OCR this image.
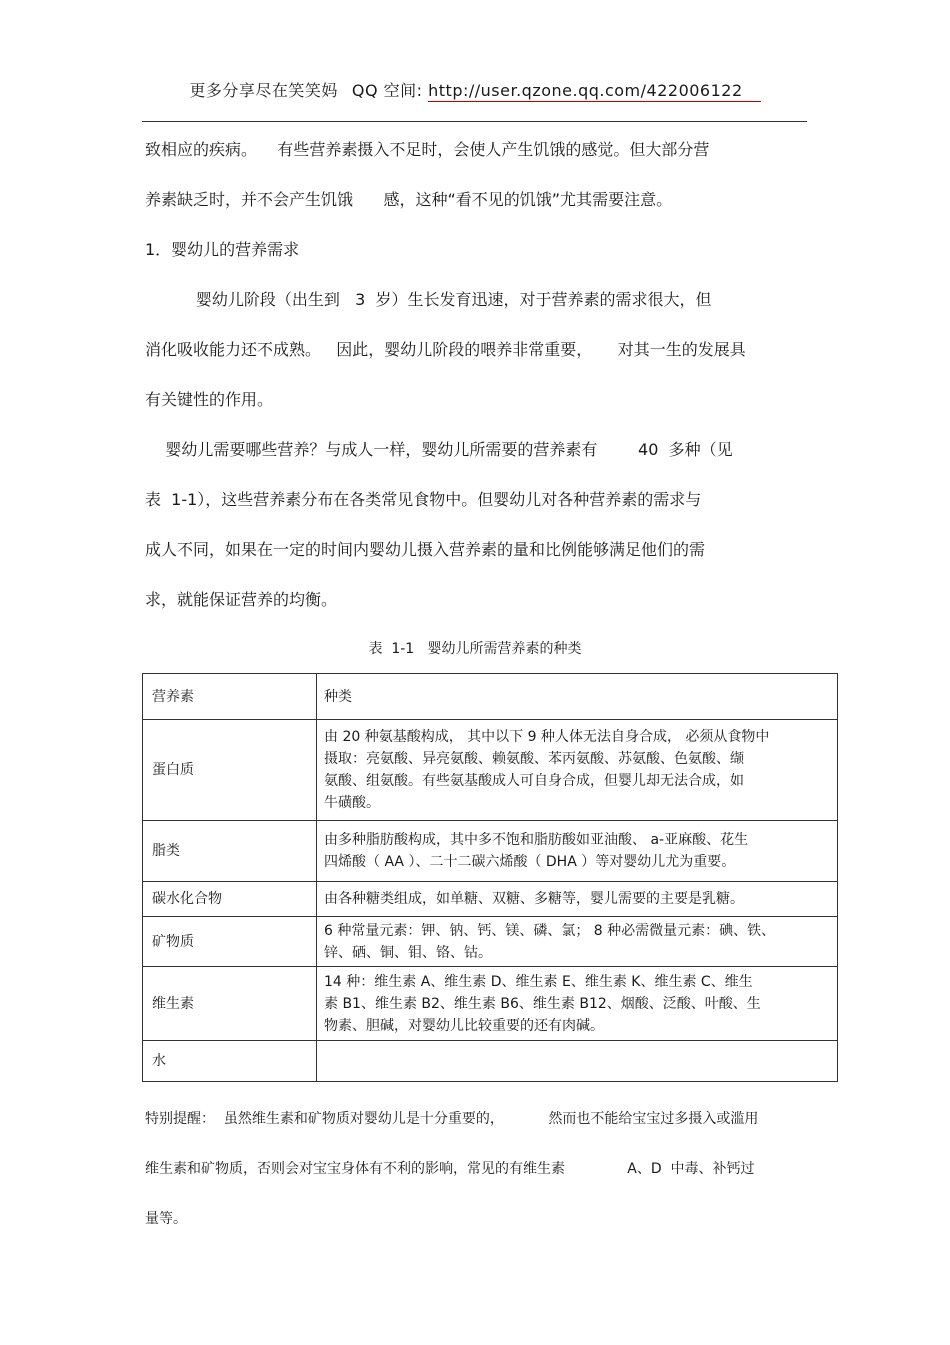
更多分享尽在笑笑妈 QQ 空间: http://user.qzone.qq.com/422006122
致相应的疾病。    有些营养素摄入不足时，会使人产生饥饿的感觉。但大部分营
养素缺乏时，并不会产生饥饿      感，这种“看不见的饥饿”尤其需要注意。
1．婴幼儿的营养需求
婴幼儿阶段（出生到   3  岁）生长发育迅速，对于营养素的需求很大，但
消化吸收能力还不成熟。   因此，婴幼儿阶段的喂养非常重要，     对其一生的发展具
有关键性的作用。
婴幼儿需要哪些营养？与成人一样，婴幼儿所需要的营养素有        40  多种（见
表  1-1），这些营养素分布在各类常见食物中。但婴幼儿对各种营养素的需求与
成人不同，如果在一定的时间内婴幼儿摄入营养素的量和比例能够满足他们的需
求，就能保证营养的均衡。
表  1-1   婴幼儿所需营养素的种类
营养素	种类
蛋白质	由 20 种氨基酸构成， 其中以下 9 种人体无法自身合成， 必须从食物中
摄取：亮氨酸、异亮氨酸、赖氨酸、苯丙氨酸、苏氨酸、色氨酸、缬
氨酸、组氨酸。有些氨基酸成人可自身合成，但婴儿却无法合成，如
牛磺酸。

脂类	由多种脂肪酸构成，其中多不饱和脂肪酸如亚油酸、 a-亚麻酸、花生
四烯酸（ AA ）、二十二碳六烯酸（ DHA ）等对婴幼儿尤为重要。

碳水化合物	由各种糖类组成，如单糖、双糖、多糖等，婴儿需要的主要是乳糖。

矿物质	6 种常量元素：钾、钠、钙、镁、磷、氯； 8 种必需微量元素：碘、铁、
锌、硒、铜、钼、铬、钴。

维生素	14 种：维生素 A、维生素 D、维生素 E、维生素 K、维生素 C、维生
素 B1、维生素 B2、维生素 B6、维生素 B12、烟酸、泛酸、叶酸、生
物素、胆碱，对婴幼儿比较重要的还有肉碱。

水	
特别提醒：  虽然维生素和矿物质对婴幼儿是十分重要的，          然而也不能给宝宝过多摄入或滥用
维生素和矿物质，否则会对宝宝身体有不利的影响，常见的有维生素              A、D  中毒、补钙过
量等。
